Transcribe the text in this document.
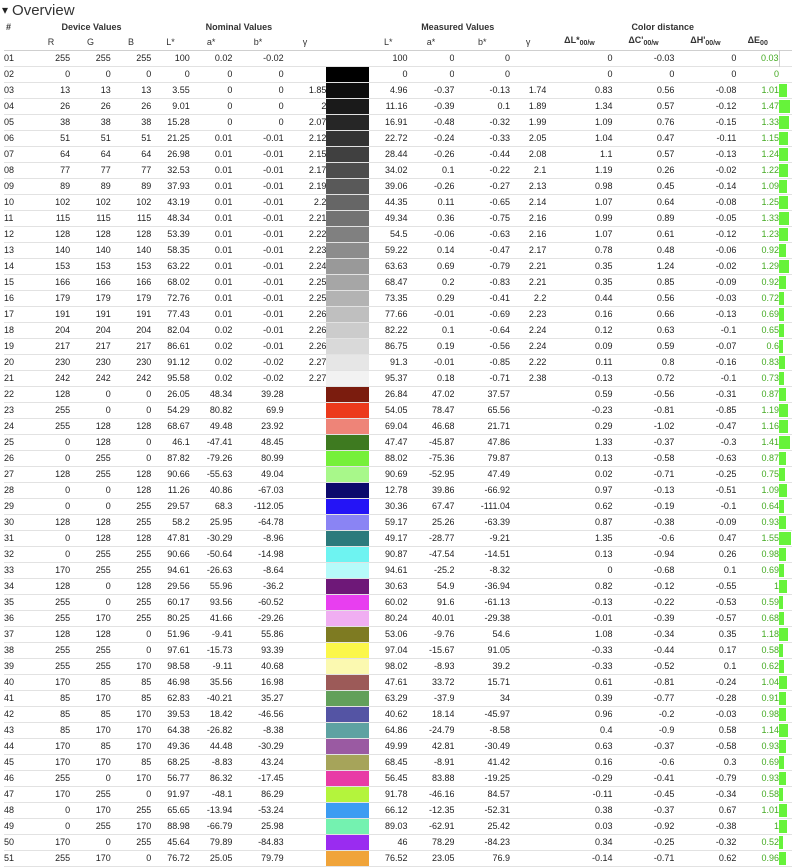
▾ Overview
#	Device Values			Nominal Values					Measured Values				Color distance				
	R	G	B	L*	a*	b*	γ		L*	a*	b*	γ	$\Delta L*_{00/w}$	$\Delta C'_{00/w}$	$\Delta H'_{00/w}$	$\Delta E_{00}$	
01	255	255	255	100	0.02	-0.02			100	0	0		0	-0.03	0	0.03	
02	0	0	0	0	0	0			0	0	0		0	0	0	0	
03	13	13	13	3.55	0	0	1.85		4.96	-0.37	-0.13	1.74	0.83	0.56	-0.08	1.01	

04	26	26	26	9.01	0	0	2		11.16	-0.39	0.1	1.89	1.34	0.57	-0.12	1.47	

05	38	38	38	15.28	0	0	2.07		16.91	-0.48	-0.32	1.99	1.09	0.76	-0.15	1.33	

06	51	51	51	21.25	0.01	-0.01	2.12		22.72	-0.24	-0.33	2.05	1.04	0.47	-0.11	1.15	

07	64	64	64	26.98	0.01	-0.01	2.15		28.44	-0.26	-0.44	2.08	1.1	0.57	-0.13	1.24	

08	77	77	77	32.53	0.01	-0.01	2.17		34.02	0.1	-0.22	2.1	1.19	0.26	-0.02	1.22	

09	89	89	89	37.93	0.01	-0.01	2.19		39.06	-0.26	-0.27	2.13	0.98	0.45	-0.14	1.09	

10	102	102	102	43.19	0.01	-0.01	2.2		44.35	0.11	-0.65	2.14	1.07	0.64	-0.08	1.25	

11	115	115	115	48.34	0.01	-0.01	2.21		49.34	0.36	-0.75	2.16	0.99	0.89	-0.05	1.33	

12	128	128	128	53.39	0.01	-0.01	2.22		54.5	-0.06	-0.63	2.16	1.07	0.61	-0.12	1.23	

13	140	140	140	58.35	0.01	-0.01	2.23		59.22	0.14	-0.47	2.17	0.78	0.48	-0.06	0.92	

14	153	153	153	63.22	0.01	-0.01	2.24		63.63	0.69	-0.79	2.21	0.35	1.24	-0.02	1.29	

15	166	166	166	68.02	0.01	-0.01	2.25		68.47	0.2	-0.83	2.21	0.35	0.85	-0.09	0.92	

16	179	179	179	72.76	0.01	-0.01	2.25		73.35	0.29	-0.41	2.2	0.44	0.56	-0.03	0.72	

17	191	191	191	77.43	0.01	-0.01	2.26		77.66	-0.01	-0.69	2.23	0.16	0.66	-0.13	0.69	

18	204	204	204	82.04	0.02	-0.01	2.26		82.22	0.1	-0.64	2.24	0.12	0.63	-0.1	0.65	

19	217	217	217	86.61	0.02	-0.01	2.26		86.75	0.19	-0.56	2.24	0.09	0.59	-0.07	0.6	

20	230	230	230	91.12	0.02	-0.02	2.27		91.3	-0.01	-0.85	2.22	0.11	0.8	-0.16	0.83	

21	242	242	242	95.58	0.02	-0.02	2.27		95.37	0.18	-0.71	2.38	-0.13	0.72	-0.1	0.73	

22	128	0	0	26.05	48.34	39.28			26.84	47.02	37.57		0.59	-0.56	-0.31	0.87	

23	255	0	0	54.29	80.82	69.9			54.05	78.47	65.56		-0.23	-0.81	-0.85	1.19	

24	255	128	128	68.67	49.48	23.92			69.04	46.68	21.71		0.29	-1.02	-0.47	1.16	

25	0	128	0	46.1	-47.41	48.45			47.47	-45.87	47.86		1.33	-0.37	-0.3	1.41	

26	0	255	0	87.82	-79.26	80.99			88.02	-75.36	79.87		0.13	-0.58	-0.63	0.87	

27	128	255	128	90.66	-55.63	49.04			90.69	-52.95	47.49		0.02	-0.71	-0.25	0.75	

28	0	0	128	11.26	40.86	-67.03			12.78	39.86	-66.92		0.97	-0.13	-0.51	1.09	

29	0	0	255	29.57	68.3	-112.05			30.36	67.47	-111.04		0.62	-0.19	-0.1	0.64	

30	128	128	255	58.2	25.95	-64.78			59.17	25.26	-63.39		0.87	-0.38	-0.09	0.93	

31	0	128	128	47.81	-30.29	-8.96			49.17	-28.77	-9.21		1.35	-0.6	0.47	1.55	

32	0	255	255	90.66	-50.64	-14.98			90.87	-47.54	-14.51		0.13	-0.94	0.26	0.98	

33	170	255	255	94.61	-26.63	-8.64			94.61	-25.2	-8.32		0	-0.68	0.1	0.69	

34	128	0	128	29.56	55.96	-36.2			30.63	54.9	-36.94		0.82	-0.12	-0.55	1	

35	255	0	255	60.17	93.56	-60.52			60.02	91.6	-61.13		-0.13	-0.22	-0.53	0.59	

36	255	170	255	80.25	41.66	-29.26			80.24	40.01	-29.38		-0.01	-0.39	-0.57	0.68	

37	128	128	0	51.96	-9.41	55.86			53.06	-9.76	54.6		1.08	-0.34	0.35	1.18	

38	255	255	0	97.61	-15.73	93.39			97.04	-15.67	91.05		-0.33	-0.44	0.17	0.58	

39	255	255	170	98.58	-9.11	40.68			98.02	-8.93	39.2		-0.33	-0.52	0.1	0.62	

40	170	85	85	46.98	35.56	16.98			47.61	33.72	15.71		0.61	-0.81	-0.24	1.04	

41	85	170	85	62.83	-40.21	35.27			63.29	-37.9	34		0.39	-0.77	-0.28	0.91	

42	85	85	170	39.53	18.42	-46.56			40.62	18.14	-45.97		0.96	-0.2	-0.03	0.98	

43	85	170	170	64.38	-26.82	-8.38			64.86	-24.79	-8.58		0.4	-0.9	0.58	1.14	

44	170	85	170	49.36	44.48	-30.29			49.99	42.81	-30.49		0.63	-0.37	-0.58	0.93	

45	170	170	85	68.25	-8.83	43.24			68.45	-8.91	41.42		0.16	-0.6	0.3	0.69	

46	255	0	170	56.77	86.32	-17.45			56.45	83.88	-19.25		-0.29	-0.41	-0.79	0.93	

47	170	255	0	91.97	-48.1	86.29			91.78	-46.16	84.57		-0.11	-0.45	-0.34	0.58	

48	0	170	255	65.65	-13.94	-53.24			66.12	-12.35	-52.31		0.38	-0.37	0.67	1.01	

49	0	255	170	88.98	-66.79	25.98			89.03	-62.91	25.42		0.03	-0.92	-0.38	1	

50	170	0	255	45.64	79.89	-84.83			46	78.29	-84.23		0.34	-0.25	-0.32	0.52	

51	255	170	0	76.72	25.05	79.79			76.52	23.05	76.9		-0.14	-0.71	0.62	0.96	
